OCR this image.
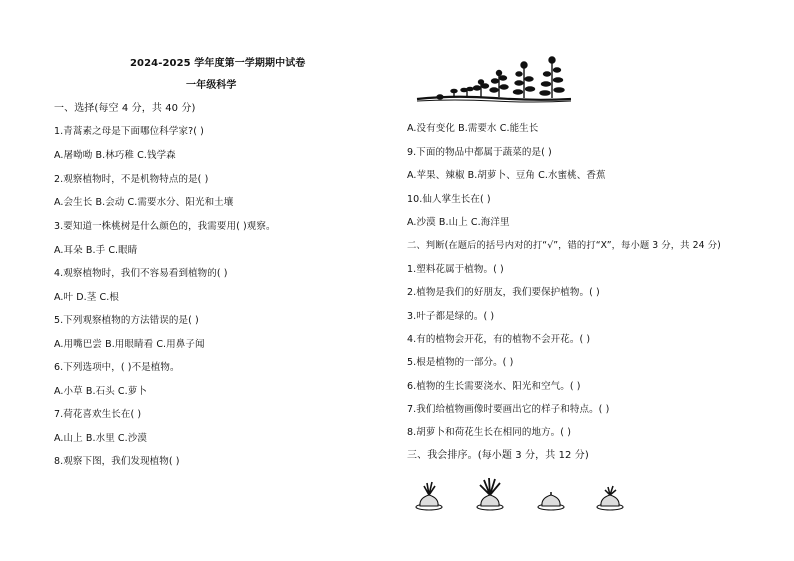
2024-2025 学年度第一学期期中试卷
一年级科学
一、选择(每空 4 分，共 40 分)
1.青蒿素之母是下面哪位科学家?( )
A.屠呦呦 B.林巧稚 C.钱学森
2.观察植物时，不是机物特点的是( )
A.会生长 B.会动 C.需要水分、阳光和土壤
3.要知道一株桃树是什么颜色的，我需要用( )观察。
A.耳朵 B.手 C.眼睛
4.观察植物时，我们不容易看到植物的( )
A.叶 D.茎 C.根
5.下列观察植物的方法错误的是( )
A.用嘴巴尝 B.用眼睛看 C.用鼻子闻
6.下列选项中，( )不是植物。
A.小草 B.石头 C.萝卜
7.荷花喜欢生长在( )
A.山上 B.水里 C.沙漠
8.观察下图，我们发现植物( )
A.没有变化 B.需要水 C.能生长
9.下面的物品中都属于蔬菜的是( )
A.苹果、辣椒 B.胡萝卜、豆角 C.水蜜桃、香蕉
10.仙人掌生长在( )
A.沙漠 B.山上 C.海洋里
二、判断(在题后的括号内对的打“√”，错的打“X”，每小题 3 分，共 24 分)
1.塑料花属于植物。( )
2.植物是我们的好朋友，我们要保护植物。( )
3.叶子都是绿的。( )
4.有的植物会开花，有的植物不会开花。( )
5.根是植物的一部分。( )
6.植物的生长需要浇水、阳光和空气。( )
7.我们给植物画像时要画出它的样子和特点。( )
8.胡萝卜和荷花生长在相同的地方。( )
三、我会排序。(每小题 3 分，共 12 分)
